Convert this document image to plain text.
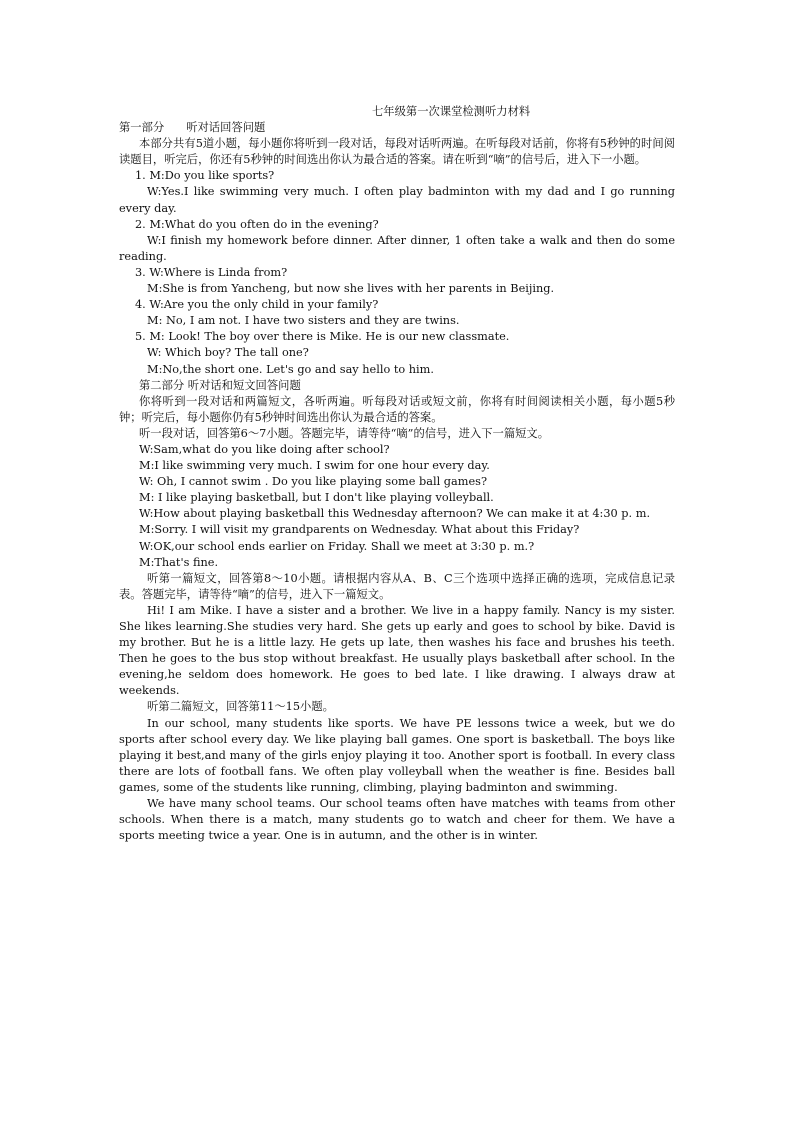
七年级第一次课堂检测听力材料
第一部分 听对话回答问题
本部分共有5道小题，每小题你将听到一段对话，每段对话听两遍。在听每段对话前，你将有5秒钟的时间阅读题目，听完后，你还有5秒钟的时间选出你认为最合适的答案。请在听到“嘀”的信号后，进入下一小题。
1. M:Do you like sports?
W:Yes.I like swimming very much. I often play badminton with my dad and I go running every day.
2. M:What do you often do in the evening?
W:I finish my homework before dinner. After dinner, 1 often take a walk and then do some reading.
3. W:Where is Linda from?
M:She is from Yancheng, but now she lives with her parents in Beijing.
4. W:Are you the only child in your family?
M: No, I am not. I have two sisters and they are twins.
5. M: Look! The boy over there is Mike. He is our new classmate.
W: Which boy? The tall one?
M:No,the short one. Let's go and say hello to him.
第二部分 听对话和短文回答问题
你将听到一段对话和两篇短文，各听两遍。听每段对话或短文前，你将有时间阅读相关小题，每小题5秒钟；听完后，每小题你仍有5秒钟时间选出你认为最合适的答案。
听一段对话，回答第6～7小题。答题完毕，请等待“嘀”的信号，进入下一篇短文。
W:Sam,what do you like doing after school?
M:I like swimming very much. I swim for one hour every day.
W: Oh, I cannot swim . Do you like playing some ball games?
M: I like playing basketball, but I don't like playing volleyball.
W:How about playing basketball this Wednesday afternoon? We can make it at 4:30 p. m.
M:Sorry. I will visit my grandparents on Wednesday. What about this Friday?
W:OK,our school ends earlier on Friday. Shall we meet at 3:30 p. m.?
M:That's fine.
听第一篇短文，回答第8～10小题。请根据内容从A、B、C三个选项中选择正确的选项，完成信息记录表。答题完毕，请等待“嘀”的信号，进入下一篇短文。
Hi! I am Mike. I have a sister and a brother. We live in a happy family. Nancy is my sister. She likes learning.She studies very hard. She gets up early and goes to school by bike. David is my brother. But he is a little lazy. He gets up late, then washes his face and brushes his teeth. Then he goes to the bus stop without breakfast. He usually plays basketball after school. In the evening,he seldom does homework. He goes to bed late. I like drawing. I always draw at weekends.
听第二篇短文，回答第11～15小题。
In our school, many students like sports. We have PE lessons twice a week, but we do sports after school every day. We like playing ball games. One sport is basketball. The boys like playing it best,and many of the girls enjoy playing it too. Another sport is football. In every class there are lots of football fans. We often play volleyball when the weather is fine. Besides ball games, some of the students like running, climbing, playing badminton and swimming.
We have many school teams. Our school teams often have matches with teams from other schools. When there is a match, many students go to watch and cheer for them. We have a sports meeting twice a year. One is in autumn, and the other is in winter.
